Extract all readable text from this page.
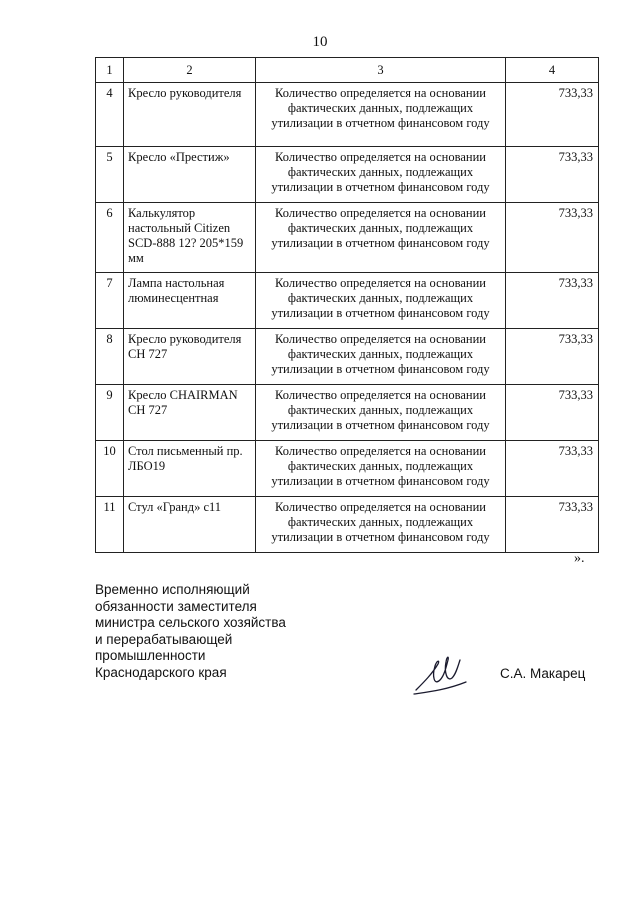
10
1	2	3	4
4	Кресло руководителя	Количество определяется на основании фактических данных, подлежащих утилизации в отчетном финансовом году	733,33
5	Кресло «Престиж»	Количество определяется на основании фактических данных, подлежащих утилизации в отчетном финансовом году	733,33
6	Калькулятор настольный Citizen SCD-888 12? 205*159 мм	Количество определяется на основании фактических данных, подлежащих утилизации в отчетном финансовом году	733,33
7	Лампа настольная люминесцентная	Количество определяется на основании фактических данных, подлежащих утилизации в отчетном финансовом году	733,33
8	Кресло руководителя СН 727	Количество определяется на основании фактических данных, подлежащих утилизации в отчетном финансовом году	733,33
9	Кресло CHAIRMAN СН 727	Количество определяется на основании фактических данных, подлежащих утилизации в отчетном финансовом году	733,33
10	Стол письменный пр. ЛБО19	Количество определяется на основании фактических данных, подлежащих утилизации в отчетном финансовом году	733,33
11	Стул «Гранд» с11	Количество определяется на основании фактических данных, подлежащих утилизации в отчетном финансовом году	733,33
».
Временно исполняющий
обязанности заместителя
министра сельского хозяйства
и перерабатывающей
промышленности
Краснодарского края	С.А. Макарец
